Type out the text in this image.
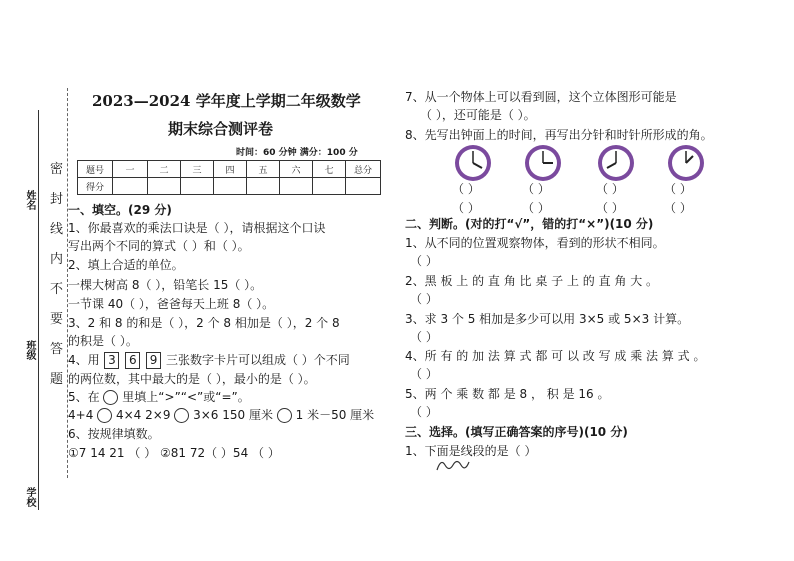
姓名
班级
学校
密
封
线
内
不
要
答
题
2023—2024 学年度上学期二年级数学
期末综合测评卷
时间：60 分钟 满分：100 分
题号	一	二	三	四	五	六	七	总分
得分								
一、填空。(29 分)
1、你最喜欢的乘法口诀是（ ），请根据这个口诀
写出两个不同的算式（ ）和（ ）。
2、填上合适的单位。
一棵大树高 8（ ），铅笔长 15（ ）。
一节课 40（ ），爸爸每天上班 8（ ）。
3、2 和 8 的和是（ ），2 个 8 相加是（ ），2 个 8
的积是（ ）。
4、用 3 6 9 三张数字卡片可以组成（ ）个不同
的两位数，其中最大的是（ ），最小的是（ ）。
5、在 里填上“>”“<”或“=”。
4+4 4×4 2×9 3×6 150 厘米 1 米－50 厘米
6、按规律填数。
①7 14 21 （ ） ②81 72（ ）54 （ ）
7、从一个物体上可以看到圆，这个立体图形可能是
（ ），还可能是（ ）。
8、先写出钟面上的时间，再写出分针和时针所形成的角。
（ ）	（ ）	（ ）	（ ）
（ ）	（ ）	（ ）	（ ）
二、判断。(对的打“√”，错的打“×”)(10 分)
1、从不同的位置观察物体，看到的形状不相同。
（ ）
2、黑 板 上 的 直 角 比 桌 子 上 的 直 角 大 。
（ ）
3、求 3 个 5 相加是多少可以用 3×5 或 5×3 计算。
（ ）
4、所 有 的 加 法 算 式 都 可 以 改 写 成 乘 法 算 式 。
（ ）
5、两 个 乘 数 都 是 8 ， 积 是 16 。
（ ）
三、选择。(填写正确答案的序号)(10 分)
1、下面是线段的是（ ）
